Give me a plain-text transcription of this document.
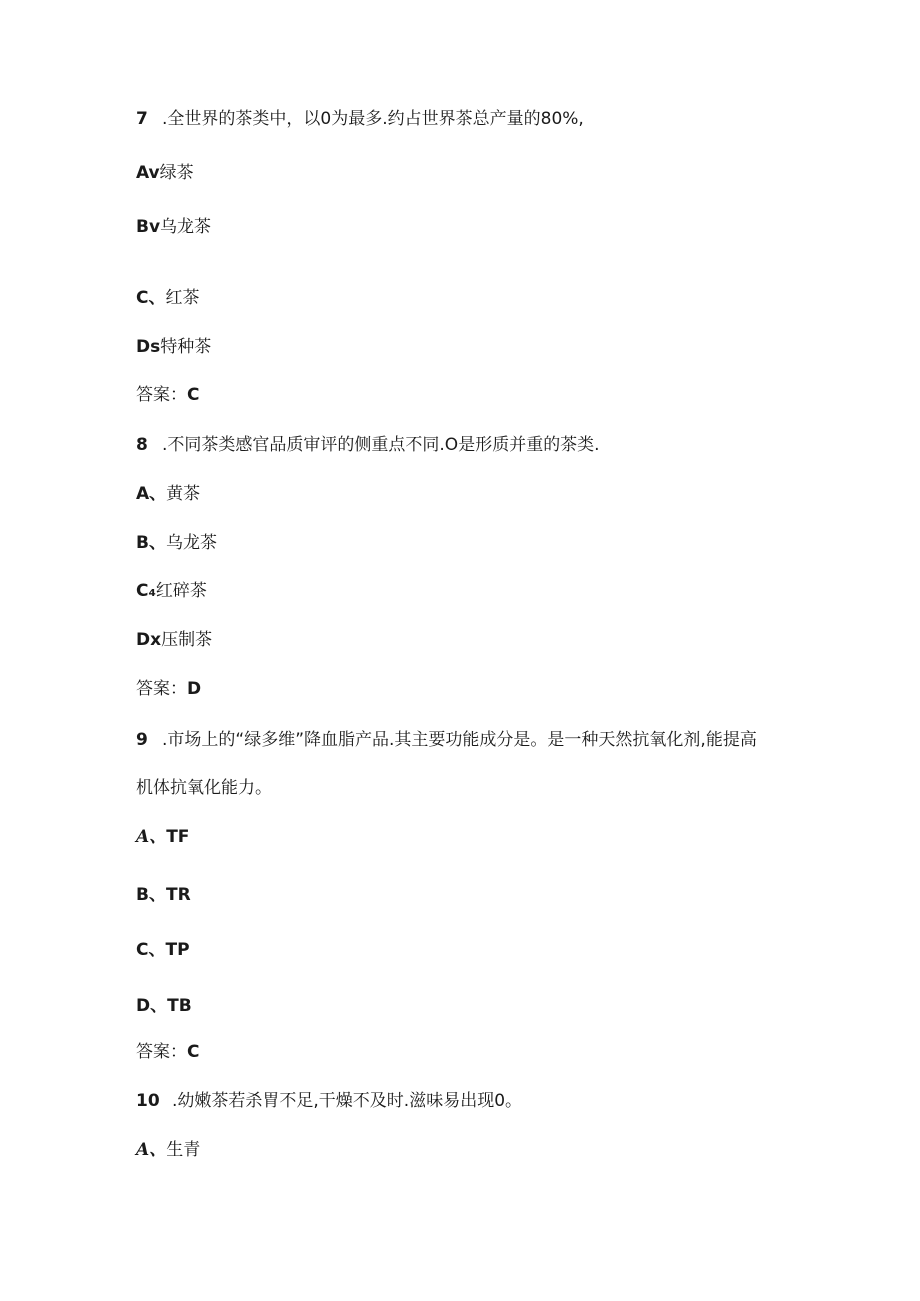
7 .全世界的茶类中，以0为最多.约占世界茶总产量的80%,
Av绿茶
Bv乌龙茶
C、红茶
Ds特种茶
答案：C
8 .不同茶类感官品质审评的侧重点不同.O是形质并重的茶类.
A、黄茶
B、乌龙茶
C₄红碎茶
Dx压制茶
答案：D
9 .市场上的“绿多维”降血脂产品.其主要功能成分是。是一种天然抗氧化剂,能提高
机体抗氧化能力。
A、TF
B、TR
C、TP
D、TB
答案：C
10 .幼嫩茶若杀胃不足,干燥不及时.滋味易出现0。
A、生青
